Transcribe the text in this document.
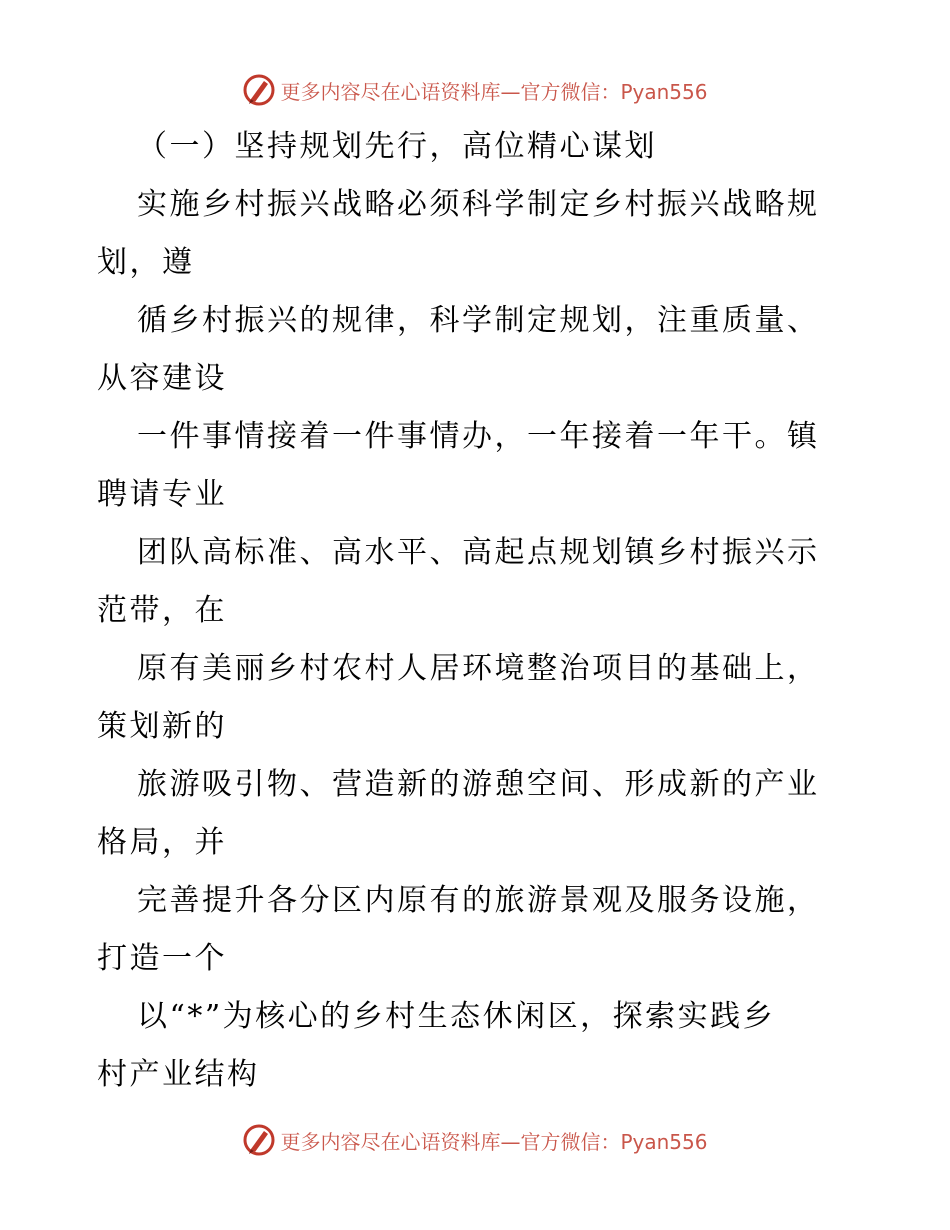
更多内容尽在心语资料库—官方微信：Pyan556
（一）坚持规划先行，高位精心谋划
实施乡村振兴战略必须科学制定乡村振兴战略规
划，遵
循乡村振兴的规律，科学制定规划，注重质量、
从容建设
一件事情接着一件事情办，一年接着一年干。镇
聘请专业
团队高标准、高水平、高起点规划镇乡村振兴示
范带，在
原有美丽乡村农村人居环境整治项目的基础上，
策划新的
旅游吸引物、营造新的游憩空间、形成新的产业
格局，并
完善提升各分区内原有的旅游景观及服务设施，
打造一个
以“*”为核心的乡村生态休闲区，探索实践乡
村产业结构
更多内容尽在心语资料库—官方微信：Pyan556
